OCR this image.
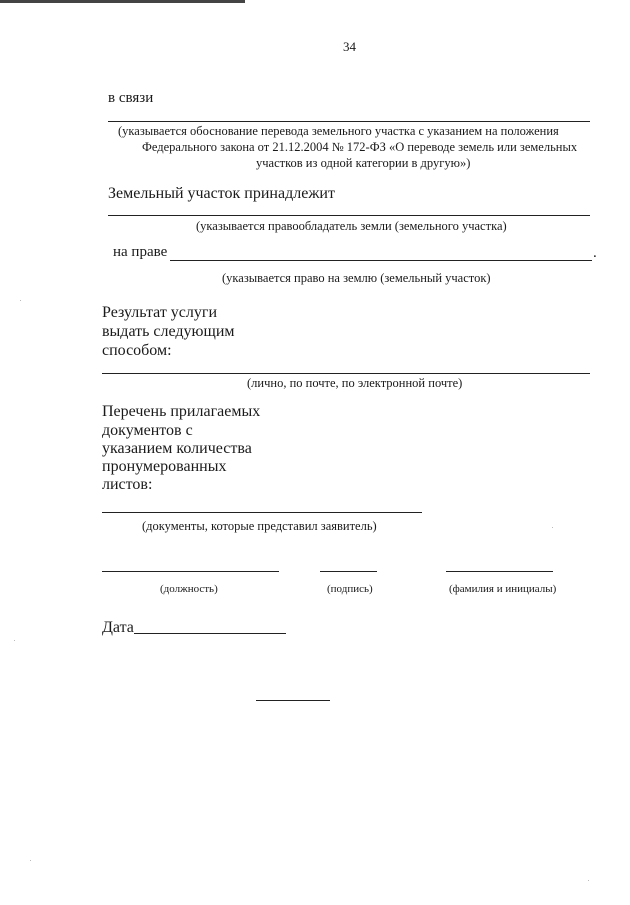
34
в связи
(указывается обоснование перевода земельного участка с указанием на положения
Федерального закона от 21.12.2004 № 172-ФЗ «О переводе земель или земельных
участков из одной категории в другую»)
Земельный участок принадлежит
(указывается правообладатель земли (земельного участка)
на праве	.
(указывается право на землю (земельный участок)
Результат услуги
выдать следующим
способом:
(лично, по почте, по электронной почте)
Перечень прилагаемых
документов с
указанием количества
пронумерованных
листов:
(документы, которые представил заявитель)
(должность)	(подпись)	(фамилия и инициалы)
Дата
